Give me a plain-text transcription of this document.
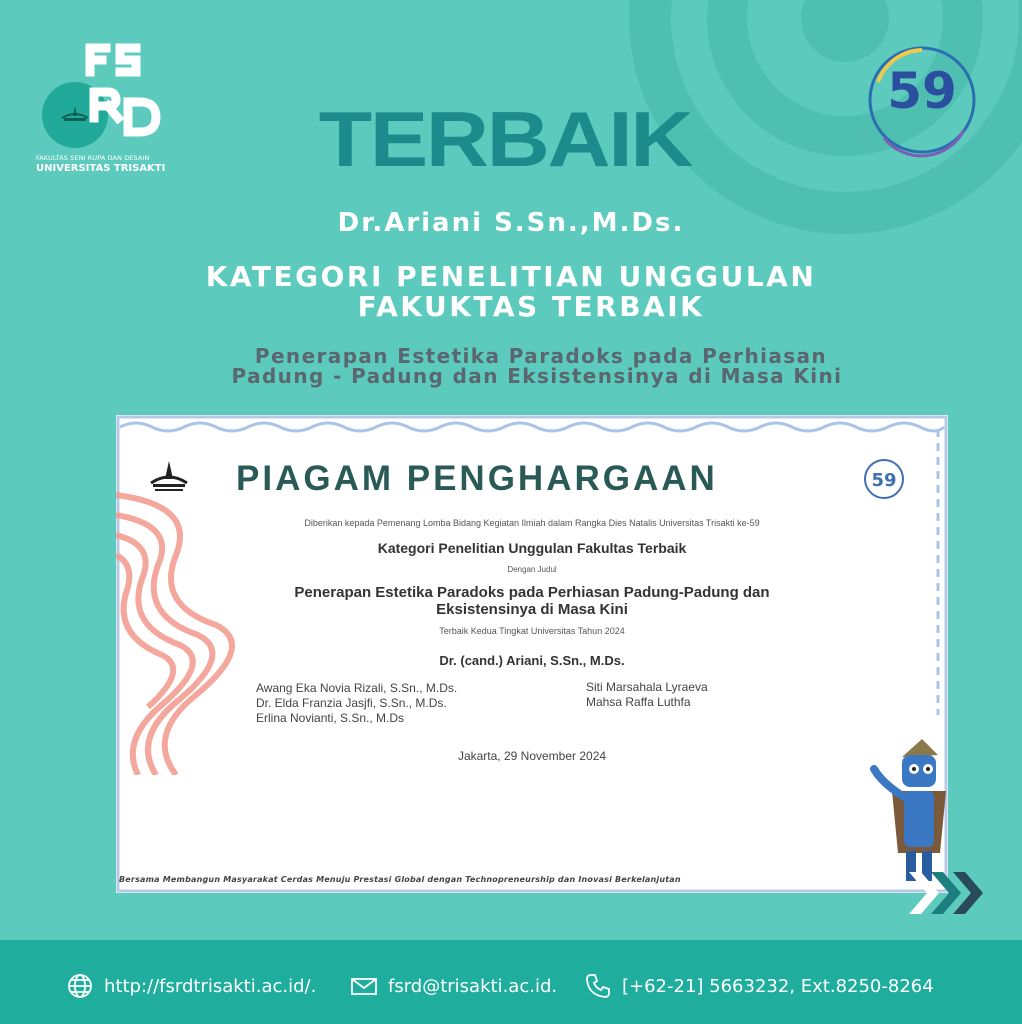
FAKULTAS SENI RUPA DAN DESAIN
UNIVERSITAS TRISAKTI
59
TERBAIK
Dr.Ariani S.Sn.,M.Ds.
KATEGORI PENELITIAN UNGGULAN
FAKUKTAS TERBAIK
Penerapan Estetika Paradoks pada Perhiasan
Padung - Padung dan Eksistensinya di Masa Kini
PIAGAM PENGHARGAAN	59
Diberikan kepada Pemenang Lomba Bidang Kegiatan Ilmiah dalam Rangka Dies Natalis Universitas Trisakti ke-59
Kategori Penelitian Unggulan Fakultas Terbaik
Dengan Judul
Penerapan Estetika Paradoks pada Perhiasan Padung-Padung dan
Eksistensinya di Masa Kini
Terbaik Kedua Tingkat Universitas Tahun 2024
Dr. (cand.) Ariani, S.Sn., M.Ds.
Awang Eka Novia Rizali, S.Sn., M.Ds.
Dr. Elda Franzia Jasjfi, S.Sn., M.Ds.
Erlina Novianti, S.Sn., M.Ds
Siti Marsahala Lyraeva
Mahsa Raffa Luthfa
Jakarta, 29 November 2024
Bersama Membangun Masyarakat Cerdas Menuju Prestasi Global dengan Technopreneurship dan Inovasi Berkelanjutan
http://fsrdtrisakti.ac.id/.	fsrd@trisakti.ac.id.	[+62-21] 5663232, Ext.8250-8264
